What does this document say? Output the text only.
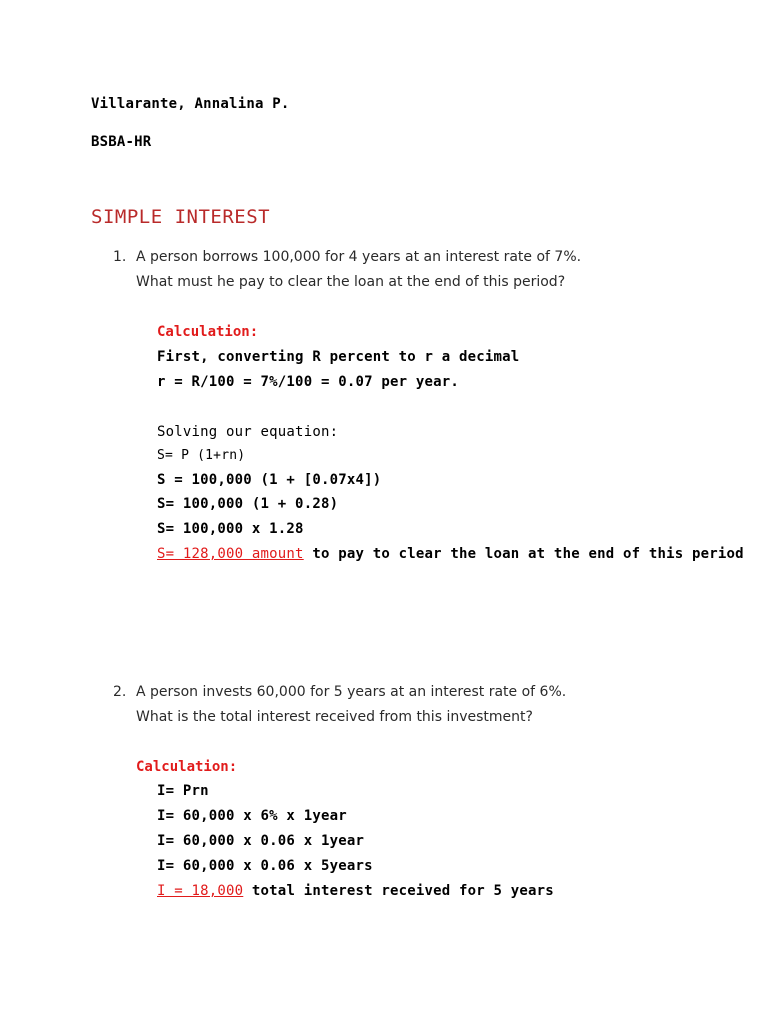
Villarante, Annalina P.
BSBA-HR
SIMPLE INTEREST
1. A person borrows 100,000 for 4 years at an interest rate of 7%.
What must he pay to clear the loan at the end of this period?
Calculation:
First, converting R percent to r a decimal
r = R/100 = 7%/100 = 0.07 per year.
Solving our equation:
S= P (1+rn)
S = 100,000 (1 + [0.07x4])
S= 100,000 (1 + 0.28)
S= 100,000 x 1.28
S= 128,000 amount to pay to clear the loan at the end of this period
2. A person invests 60,000 for 5 years at an interest rate of 6%.
What is the total interest received from this investment?
Calculation:
I= Prn
I= 60,000 x 6% x 1year
I= 60,000 x 0.06 x 1year
I= 60,000 x 0.06 x 5years
I = 18,000 total interest received for 5 years
